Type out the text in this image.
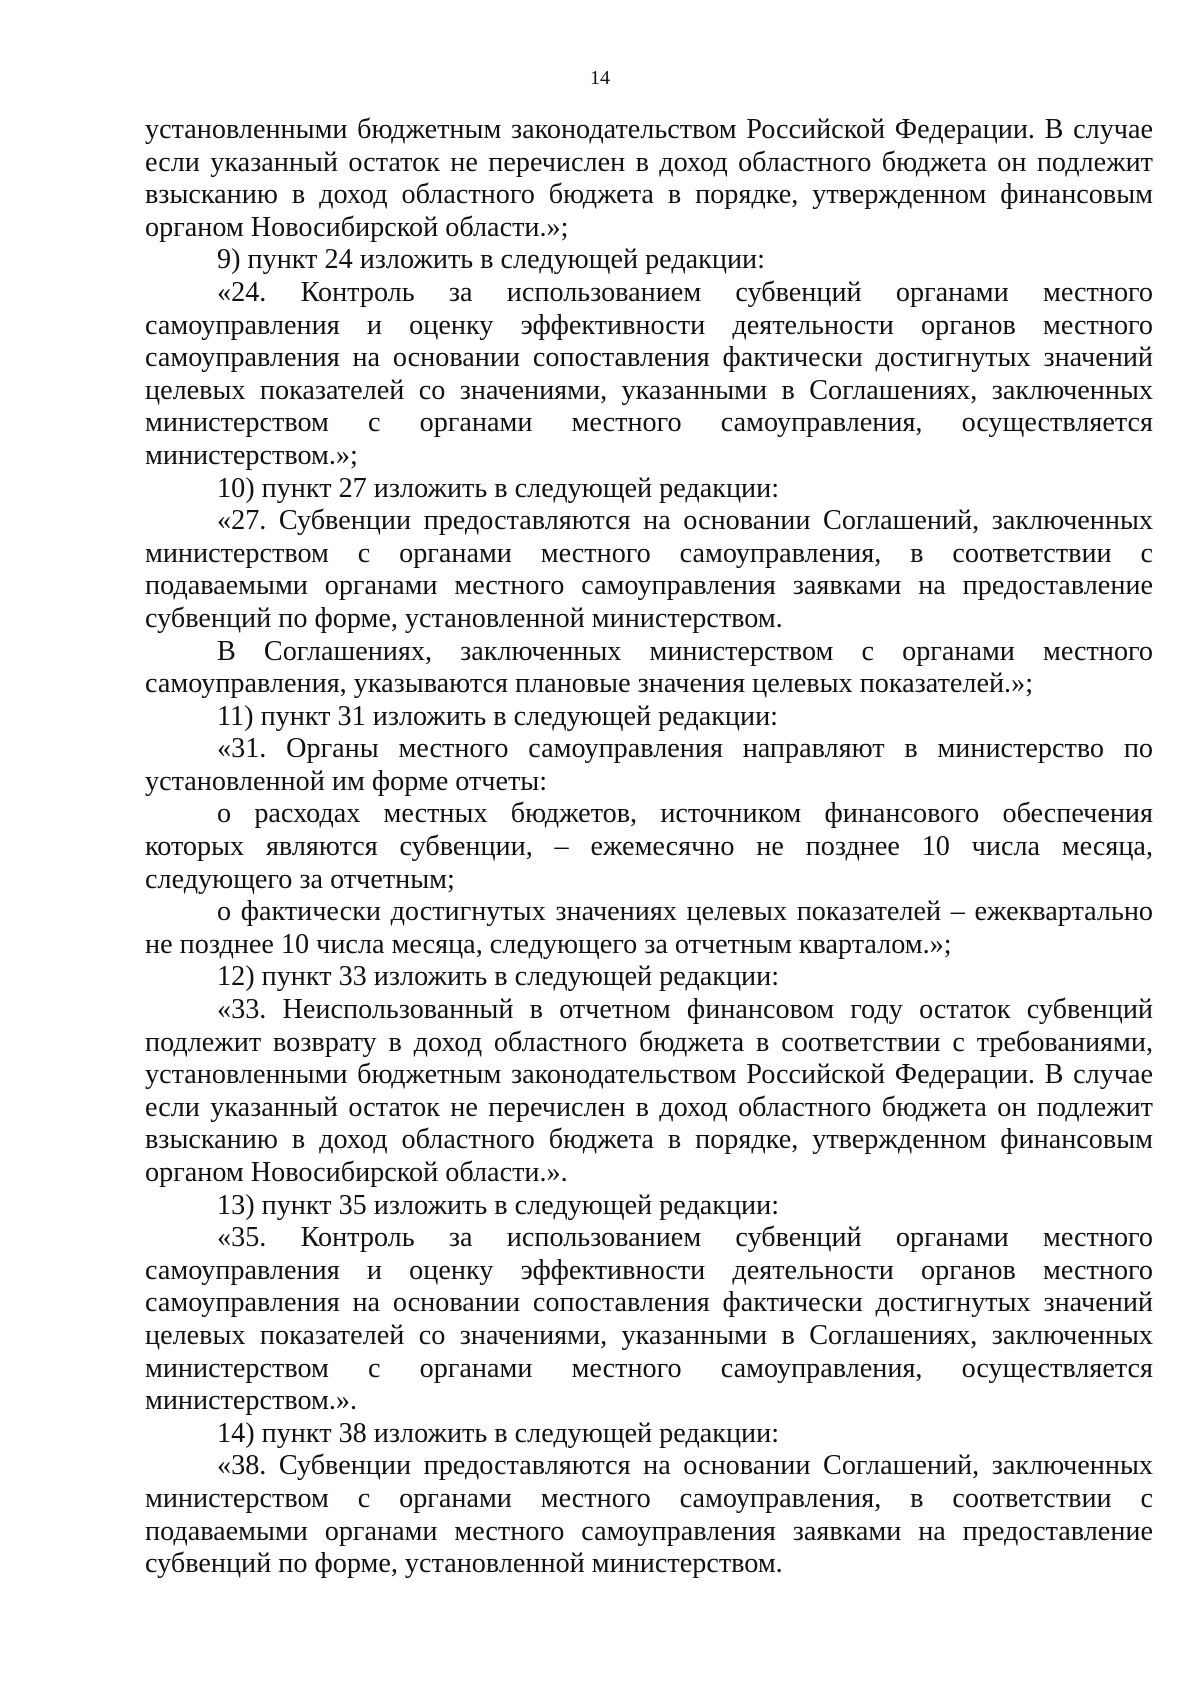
14

установленными бюджетным законодательством Российской Федерации. В случае если указанный остаток не перечислен в доход областного бюджета он подлежит взысканию в доход областного бюджета в порядке, утвержденном финансовым органом Новосибирской области.»;

9) пункт 24 изложить в следующей редакции:

«24. Контроль за использованием субвенций органами местного самоуправления и оценку эффективности деятельности органов местного самоуправления на основании сопоставления фактически достигнутых значений целевых показателей со значениями, указанными в Соглашениях, заключенных министерством с органами местного самоуправления, осуществляется министерством.»;

10) пункт 27 изложить в следующей редакции:

«27. Субвенции предоставляются на основании Соглашений, заключенных министерством с органами местного самоуправления, в соответствии с подаваемыми органами местного самоуправления заявками на предоставление субвенций по форме, установленной министерством.

В Соглашениях, заключенных министерством с органами местного самоуправления, указываются плановые значения целевых показателей.»;

11) пункт 31 изложить в следующей редакции:

«31. Органы местного самоуправления направляют в министерство по установленной им форме отчеты:

о расходах местных бюджетов, источником финансового обеспечения которых являются субвенции, – ежемесячно не позднее 10 числа месяца, следующего за отчетным;

о фактически достигнутых значениях целевых показателей – ежеквартально не позднее 10 числа месяца, следующего за отчетным кварталом.»;

12) пункт 33 изложить в следующей редакции:

«33. Неиспользованный в отчетном финансовом году остаток субвенций подлежит возврату в доход областного бюджета в соответствии с требованиями, установленными бюджетным законодательством Российской Федерации. В случае если указанный остаток не перечислен в доход областного бюджета он подлежит взысканию в доход областного бюджета в порядке, утвержденном финансовым органом Новосибирской области.».

13) пункт 35 изложить в следующей редакции:

«35. Контроль за использованием субвенций органами местного самоуправления и оценку эффективности деятельности органов местного самоуправления на основании сопоставления фактически достигнутых значений целевых показателей со значениями, указанными в Соглашениях, заключенных министерством с органами местного самоуправления, осуществляется министерством.».

14) пункт 38 изложить в следующей редакции:

«38. Субвенции предоставляются на основании Соглашений, заключенных министерством с органами местного самоуправления, в соответствии с подаваемыми органами местного самоуправления заявками на предоставление субвенций по форме, установленной министерством.
